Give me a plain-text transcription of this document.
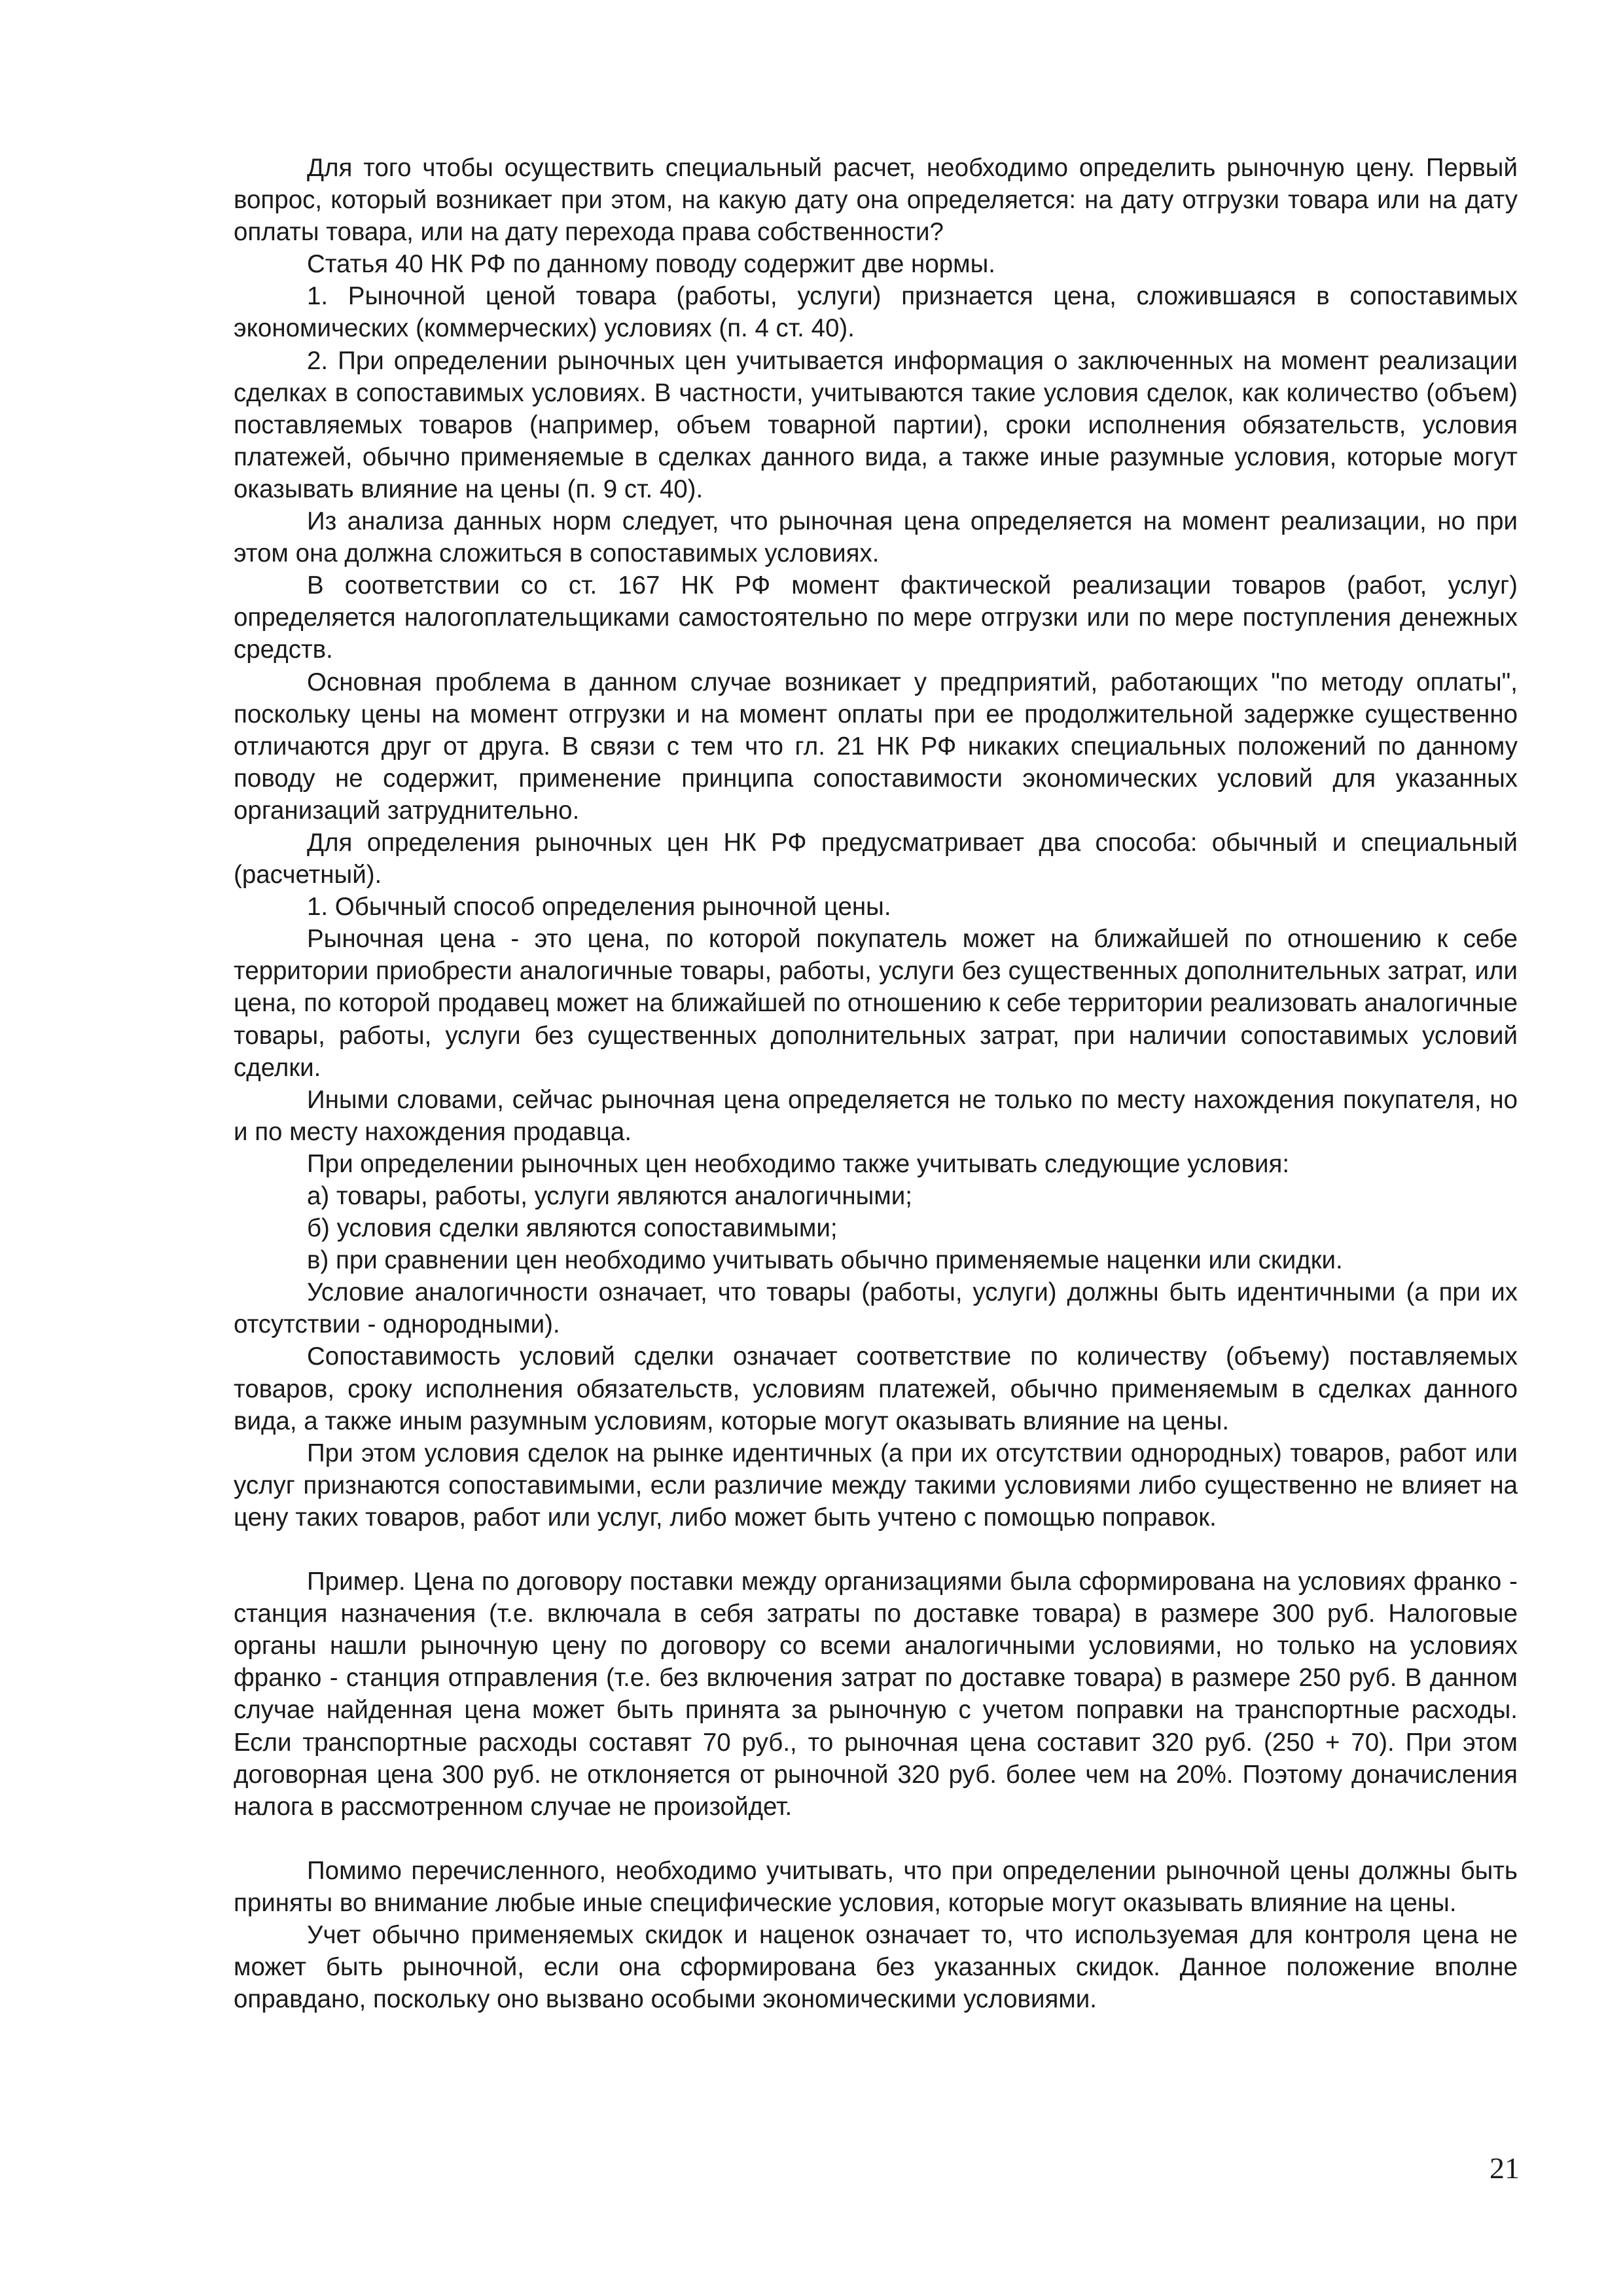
Для того чтобы осуществить специальный расчет, необходимо определить рыночную цену. Первый вопрос, который возникает при этом, на какую дату она определяется: на дату отгрузки товара или на дату оплаты товара, или на дату перехода права собственности?

Статья 40 НК РФ по данному поводу содержит две нормы.

1. Рыночной ценой товара (работы, услуги) признается цена, сложившаяся в сопоставимых экономических (коммерческих) условиях (п. 4 ст. 40).

2. При определении рыночных цен учитывается информация о заключенных на момент реализации сделках в сопоставимых условиях. В частности, учитываются такие условия сделок, как количество (объем) поставляемых товаров (например, объем товарной партии), сроки исполнения обязательств, условия платежей, обычно применяемые в сделках данного вида, а также иные разумные условия, которые могут оказывать влияние на цены (п. 9 ст. 40).

Из анализа данных норм следует, что рыночная цена определяется на момент реализации, но при этом она должна сложиться в сопоставимых условиях.

В соответствии со ст. 167 НК РФ момент фактической реализации товаров (работ, услуг) определяется налогоплательщиками самостоятельно по мере отгрузки или по мере поступления денежных средств.

Основная проблема в данном случае возникает у предприятий, работающих "по методу оплаты", поскольку цены на момент отгрузки и на момент оплаты при ее продолжительной задержке существенно отличаются друг от друга. В связи с тем что гл. 21 НК РФ никаких специальных положений по данному поводу не содержит, применение принципа сопоставимости экономических условий для указанных организаций затруднительно.

Для определения рыночных цен НК РФ предусматривает два способа: обычный и специальный (расчетный).

1. Обычный способ определения рыночной цены.

Рыночная цена - это цена, по которой покупатель может на ближайшей по отношению к себе территории приобрести аналогичные товары, работы, услуги без существенных дополнительных затрат, или цена, по которой продавец может на ближайшей по отношению к себе территории реализовать аналогичные товары, работы, услуги без существенных дополнительных затрат, при наличии сопоставимых условий сделки.

Иными словами, сейчас рыночная цена определяется не только по месту нахождения покупателя, но и по месту нахождения продавца.

При определении рыночных цен необходимо также учитывать следующие условия:

а) товары, работы, услуги являются аналогичными;

б) условия сделки являются сопоставимыми;

в) при сравнении цен необходимо учитывать обычно применяемые наценки или скидки.

Условие аналогичности означает, что товары (работы, услуги) должны быть идентичными (а при их отсутствии - однородными).

Сопоставимость условий сделки означает соответствие по количеству (объему) поставляемых товаров, сроку исполнения обязательств, условиям платежей, обычно применяемым в сделках данного вида, а также иным разумным условиям, которые могут оказывать влияние на цены.

При этом условия сделок на рынке идентичных (а при их отсутствии однородных) товаров, работ или услуг признаются сопоставимыми, если различие между такими условиями либо существенно не влияет на цену таких товаров, работ или услуг, либо может быть учтено с помощью поправок.

Пример. Цена по договору поставки между организациями была сформирована на условиях франко - станция назначения (т.е. включала в себя затраты по доставке товара) в размере 300 руб. Налоговые органы нашли рыночную цену по договору со всеми аналогичными условиями, но только на условиях франко - станция отправления (т.е. без включения затрат по доставке товара) в размере 250 руб. В данном случае найденная цена может быть принята за рыночную с учетом поправки на транспортные расходы. Если транспортные расходы составят 70 руб., то рыночная цена составит 320 руб. (250 + 70). При этом договорная цена 300 руб. не отклоняется от рыночной 320 руб. более чем на 20%. Поэтому доначисления налога в рассмотренном случае не произойдет.

Помимо перечисленного, необходимо учитывать, что при определении рыночной цены должны быть приняты во внимание любые иные специфические условия, которые могут оказывать влияние на цены.

Учет обычно применяемых скидок и наценок означает то, что используемая для контроля цена не может быть рыночной, если она сформирована без указанных скидок. Данное положение вполне оправдано, поскольку оно вызвано особыми экономическими условиями.

21
